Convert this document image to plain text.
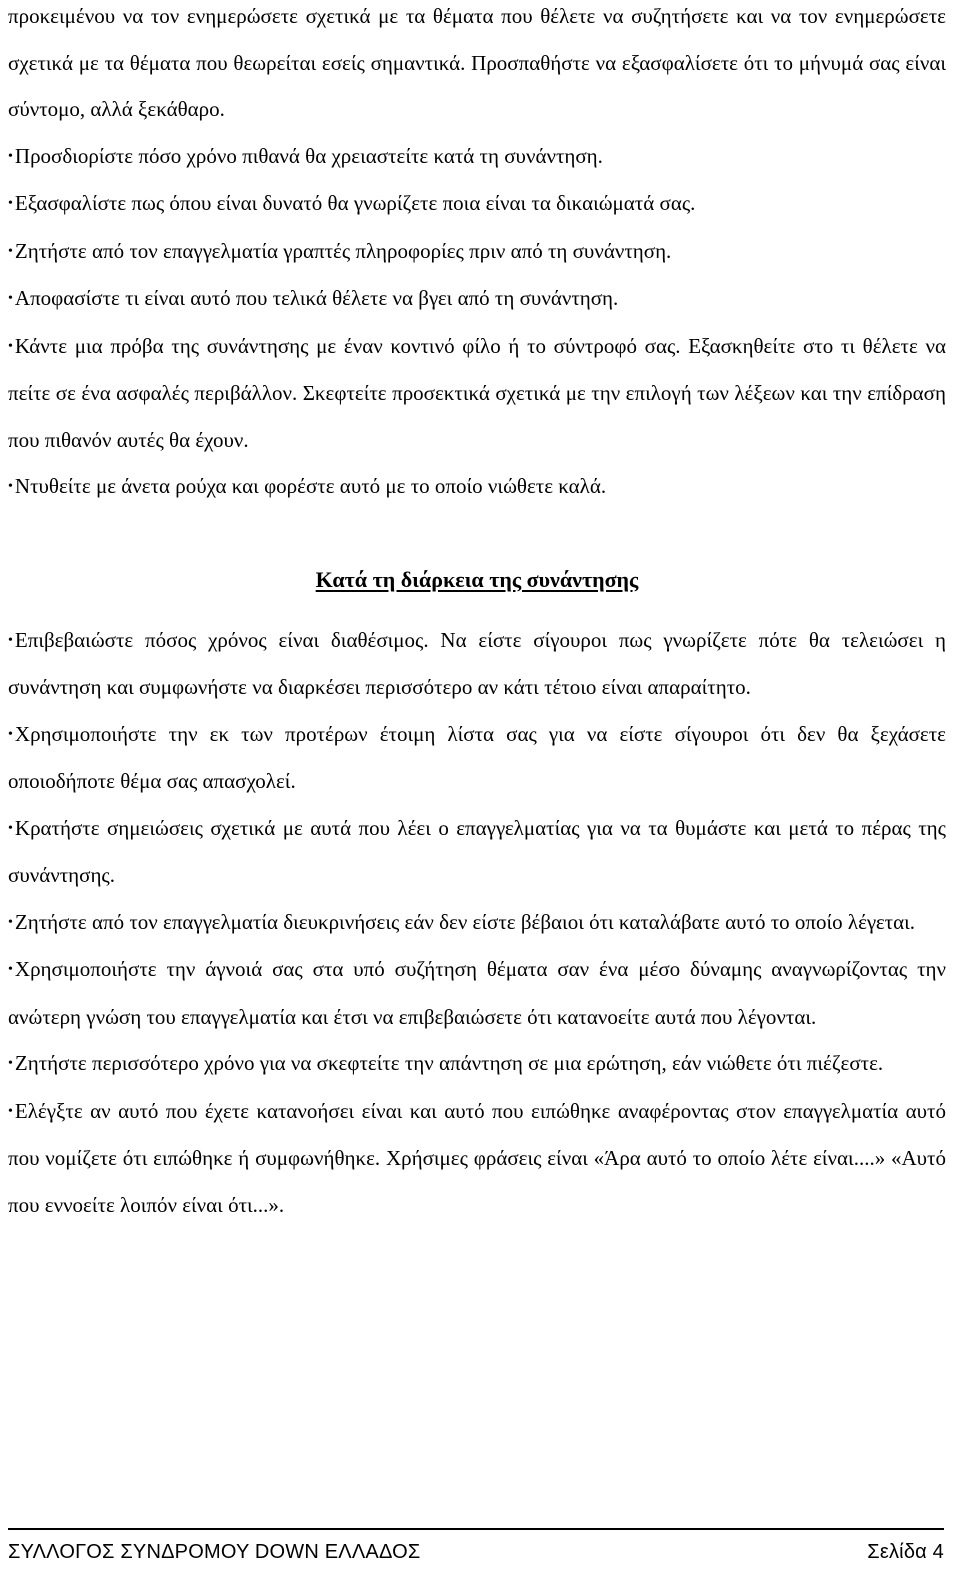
προκειμένου να τον ενημερώσετε σχετικά με τα θέματα που θέλετε να συζητήσετε και να τον ενημερώσετε σχετικά με τα θέματα που θεωρείται εσείς σημαντικά. Προσπαθήστε να εξασφαλίσετε ότι το μήνυμά σας είναι σύντομο, αλλά ξεκάθαρο.

•Προσδιορίστε πόσο χρόνο πιθανά θα χρειαστείτε κατά τη συνάντηση.

•Εξασφαλίστε πως όπου είναι δυνατό θα γνωρίζετε ποια είναι τα δικαιώματά σας.

•Ζητήστε από τον επαγγελματία γραπτές πληροφορίες πριν από τη συνάντηση.

•Αποφασίστε τι είναι αυτό που τελικά θέλετε να βγει από τη συνάντηση.

•Κάντε μια πρόβα της συνάντησης με έναν κοντινό φίλο ή το σύντροφό σας. Εξασκηθείτε στο τι θέλετε να πείτε σε ένα ασφαλές περιβάλλον. Σκεφτείτε προσεκτικά σχετικά με την επιλογή των λέξεων και την επίδραση που πιθανόν αυτές θα έχουν.

•Ντυθείτε με άνετα ρούχα και φορέστε αυτό με το οποίο νιώθετε καλά.

Κατά τη διάρκεια της συνάντησης

•Επιβεβαιώστε πόσος χρόνος είναι διαθέσιμος. Να είστε σίγουροι πως γνωρίζετε πότε θα τελειώσει η συνάντηση και συμφωνήστε να διαρκέσει περισσότερο αν κάτι τέτοιο είναι απαραίτητο.

•Χρησιμοποιήστε την εκ των προτέρων έτοιμη λίστα σας για να είστε σίγουροι ότι δεν θα ξεχάσετε οποιοδήποτε θέμα σας απασχολεί.

•Κρατήστε σημειώσεις σχετικά με αυτά που λέει ο επαγγελματίας για να τα θυμάστε και μετά το πέρας της συνάντησης.

•Ζητήστε από τον επαγγελματία διευκρινήσεις εάν δεν είστε βέβαιοι ότι καταλάβατε αυτό το οποίο λέγεται.

•Χρησιμοποιήστε την άγνοιά σας στα υπό συζήτηση θέματα σαν ένα μέσο δύναμης αναγνωρίζοντας την ανώτερη γνώση του επαγγελματία και έτσι να επιβεβαιώσετε ότι κατανοείτε αυτά που λέγονται.

•Ζητήστε περισσότερο χρόνο για να σκεφτείτε την απάντηση σε μια ερώτηση, εάν νιώθετε ότι πιέζεστε.

•Ελέγξτε αν αυτό που έχετε κατανοήσει είναι και αυτό που ειπώθηκε αναφέροντας στον επαγγελματία αυτό που νομίζετε ότι ειπώθηκε ή συμφωνήθηκε. Χρήσιμες φράσεις είναι «Άρα αυτό το οποίο λέτε είναι....» «Αυτό που εννοείτε λοιπόν είναι ότι...».

ΣΥΛΛΟΓΟΣ ΣΥΝΔΡΟΜΟΥ DOWN ΕΛΛΑΔΟΣ	Σελίδα 4
